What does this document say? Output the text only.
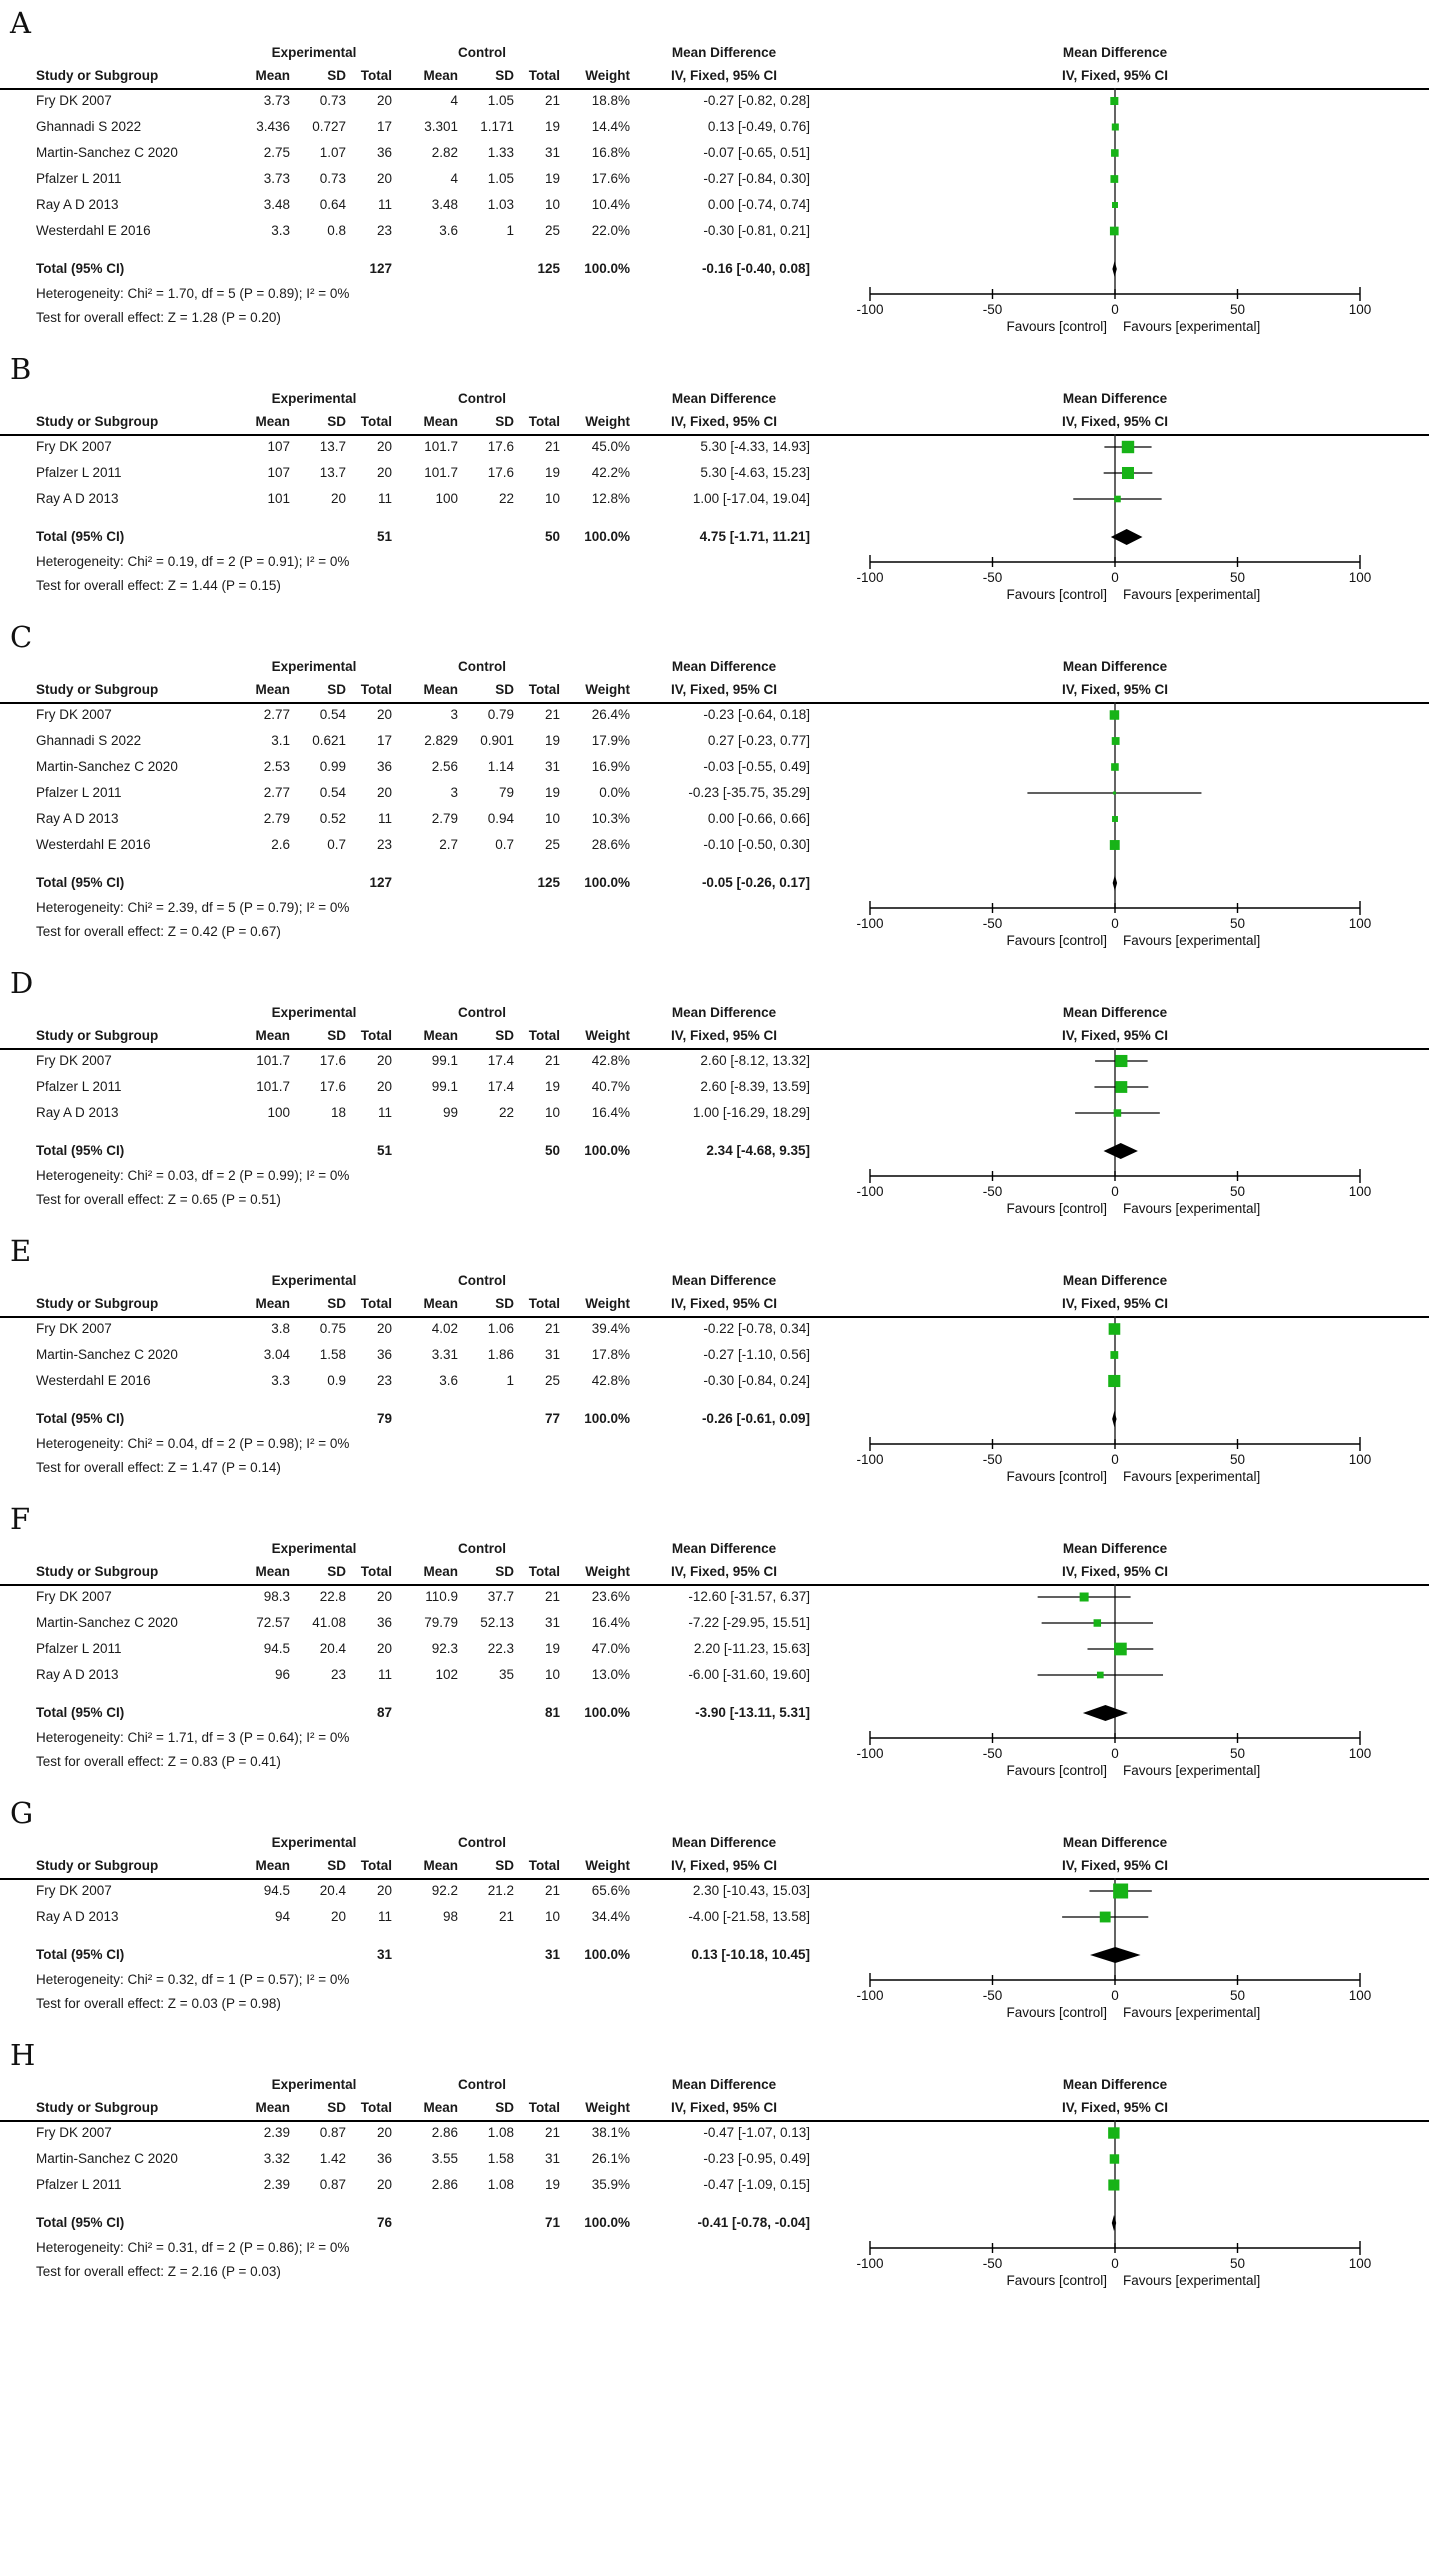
A
Experimental	Control	Mean Difference
Study or Subgroup	Mean	SD	Total	Mean	SD	Total	Weight	IV, Fixed, 95% CI
Fry DK 2007	3.73	0.73	20	4	1.05	21	18.8%	-0.27 [-0.82, 0.28]
Ghannadi S 2022	3.436	0.727	17	3.301	1.171	19	14.4%	0.13 [-0.49, 0.76]
Martin-Sanchez C 2020	2.75	1.07	36	2.82	1.33	31	16.8%	-0.07 [-0.65, 0.51]
Pfalzer L 2011	3.73	0.73	20	4	1.05	19	17.6%	-0.27 [-0.84, 0.30]
Ray A D 2013	3.48	0.64	11	3.48	1.03	10	10.4%	0.00 [-0.74, 0.74]
Westerdahl E 2016	3.3	0.8	23	3.6	1	25	22.0%	-0.30 [-0.81, 0.21]
Total (95% CI)	127	125	100.0%	-0.16 [-0.40, 0.08]
Heterogeneity: Chi² = 1.70, df = 5 (P = 0.89); I² = 0%
Test for overall effect: Z = 1.28 (P = 0.20)
Mean Difference
IV, Fixed, 95% CI
-100	-50	0	50	100
Favours [control] Favours [experimental]
B
Experimental	Control	Mean Difference
Study or Subgroup	Mean	SD	Total	Mean	SD	Total	Weight	IV, Fixed, 95% CI
Fry DK 2007	107	13.7	20	101.7	17.6	21	45.0%	5.30 [-4.33, 14.93]
Pfalzer L 2011	107	13.7	20	101.7	17.6	19	42.2%	5.30 [-4.63, 15.23]
Ray A D 2013	101	20	11	100	22	10	12.8%	1.00 [-17.04, 19.04]
Total (95% CI)	51	50	100.0%	4.75 [-1.71, 11.21]
Heterogeneity: Chi² = 0.19, df = 2 (P = 0.91); I² = 0%
Test for overall effect: Z = 1.44 (P = 0.15)
Mean Difference
IV, Fixed, 95% CI
-100	-50	0	50	100
Favours [control] Favours [experimental]
C
Experimental	Control	Mean Difference
Study or Subgroup	Mean	SD	Total	Mean	SD	Total	Weight	IV, Fixed, 95% CI
Fry DK 2007	2.77	0.54	20	3	0.79	21	26.4%	-0.23 [-0.64, 0.18]
Ghannadi S 2022	3.1	0.621	17	2.829	0.901	19	17.9%	0.27 [-0.23, 0.77]
Martin-Sanchez C 2020	2.53	0.99	36	2.56	1.14	31	16.9%	-0.03 [-0.55, 0.49]
Pfalzer L 2011	2.77	0.54	20	3	79	19	0.0%	-0.23 [-35.75, 35.29]
Ray A D 2013	2.79	0.52	11	2.79	0.94	10	10.3%	0.00 [-0.66, 0.66]
Westerdahl E 2016	2.6	0.7	23	2.7	0.7	25	28.6%	-0.10 [-0.50, 0.30]
Total (95% CI)	127	125	100.0%	-0.05 [-0.26, 0.17]
Heterogeneity: Chi² = 2.39, df = 5 (P = 0.79); I² = 0%
Test for overall effect: Z = 0.42 (P = 0.67)
Mean Difference
IV, Fixed, 95% CI
-100	-50	0	50	100
Favours [control] Favours [experimental]
D
Experimental	Control	Mean Difference
Study or Subgroup	Mean	SD	Total	Mean	SD	Total	Weight	IV, Fixed, 95% CI
Fry DK 2007	101.7	17.6	20	99.1	17.4	21	42.8%	2.60 [-8.12, 13.32]
Pfalzer L 2011	101.7	17.6	20	99.1	17.4	19	40.7%	2.60 [-8.39, 13.59]
Ray A D 2013	100	18	11	99	22	10	16.4%	1.00 [-16.29, 18.29]
Total (95% CI)	51	50	100.0%	2.34 [-4.68, 9.35]
Heterogeneity: Chi² = 0.03, df = 2 (P = 0.99); I² = 0%
Test for overall effect: Z = 0.65 (P = 0.51)
Mean Difference
IV, Fixed, 95% CI
-100	-50	0	50	100
Favours [control] Favours [experimental]
E
Experimental	Control	Mean Difference
Study or Subgroup	Mean	SD	Total	Mean	SD	Total	Weight	IV, Fixed, 95% CI
Fry DK 2007	3.8	0.75	20	4.02	1.06	21	39.4%	-0.22 [-0.78, 0.34]
Martin-Sanchez C 2020	3.04	1.58	36	3.31	1.86	31	17.8%	-0.27 [-1.10, 0.56]
Westerdahl E 2016	3.3	0.9	23	3.6	1	25	42.8%	-0.30 [-0.84, 0.24]
Total (95% CI)	79	77	100.0%	-0.26 [-0.61, 0.09]
Heterogeneity: Chi² = 0.04, df = 2 (P = 0.98); I² = 0%
Test for overall effect: Z = 1.47 (P = 0.14)
Mean Difference
IV, Fixed, 95% CI
-100	-50	0	50	100
Favours [control] Favours [experimental]
F
Experimental	Control	Mean Difference
Study or Subgroup	Mean	SD	Total	Mean	SD	Total	Weight	IV, Fixed, 95% CI
Fry DK 2007	98.3	22.8	20	110.9	37.7	21	23.6%	-12.60 [-31.57, 6.37]
Martin-Sanchez C 2020	72.57	41.08	36	79.79	52.13	31	16.4%	-7.22 [-29.95, 15.51]
Pfalzer L 2011	94.5	20.4	20	92.3	22.3	19	47.0%	2.20 [-11.23, 15.63]
Ray A D 2013	96	23	11	102	35	10	13.0%	-6.00 [-31.60, 19.60]
Total (95% CI)	87	81	100.0%	-3.90 [-13.11, 5.31]
Heterogeneity: Chi² = 1.71, df = 3 (P = 0.64); I² = 0%
Test for overall effect: Z = 0.83 (P = 0.41)
Mean Difference
IV, Fixed, 95% CI
-100	-50	0	50	100
Favours [control] Favours [experimental]
G
Experimental	Control	Mean Difference
Study or Subgroup	Mean	SD	Total	Mean	SD	Total	Weight	IV, Fixed, 95% CI
Fry DK 2007	94.5	20.4	20	92.2	21.2	21	65.6%	2.30 [-10.43, 15.03]
Ray A D 2013	94	20	11	98	21	10	34.4%	-4.00 [-21.58, 13.58]
Total (95% CI)	31	31	100.0%	0.13 [-10.18, 10.45]
Heterogeneity: Chi² = 0.32, df = 1 (P = 0.57); I² = 0%
Test for overall effect: Z = 0.03 (P = 0.98)
Mean Difference
IV, Fixed, 95% CI
-100	-50	0	50	100
Favours [control] Favours [experimental]
H
Experimental	Control	Mean Difference
Study or Subgroup	Mean	SD	Total	Mean	SD	Total	Weight	IV, Fixed, 95% CI
Fry DK 2007	2.39	0.87	20	2.86	1.08	21	38.1%	-0.47 [-1.07, 0.13]
Martin-Sanchez C 2020	3.32	1.42	36	3.55	1.58	31	26.1%	-0.23 [-0.95, 0.49]
Pfalzer L 2011	2.39	0.87	20	2.86	1.08	19	35.9%	-0.47 [-1.09, 0.15]
Total (95% CI)	76	71	100.0%	-0.41 [-0.78, -0.04]
Heterogeneity: Chi² = 0.31, df = 2 (P = 0.86); I² = 0%
Test for overall effect: Z = 2.16 (P = 0.03)
Mean Difference
IV, Fixed, 95% CI
-100	-50	0	50	100
Favours [control] Favours [experimental]
